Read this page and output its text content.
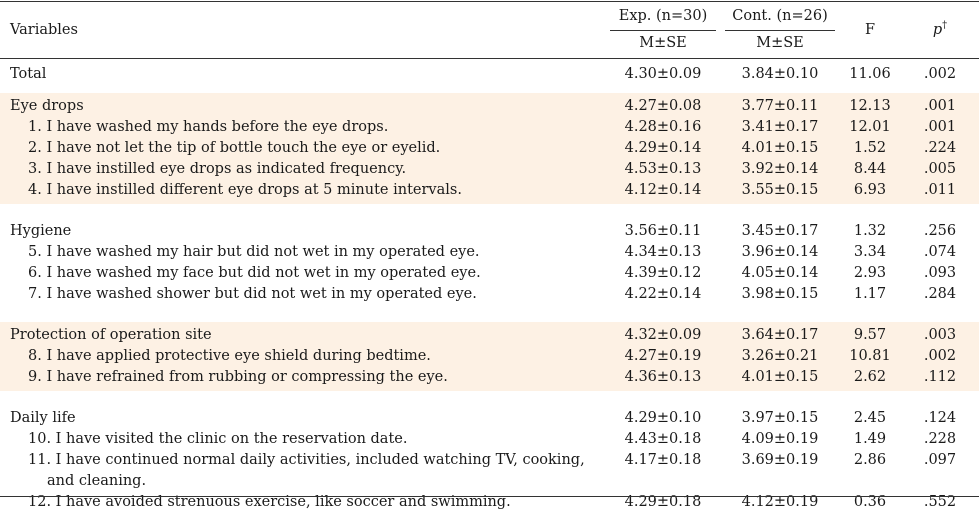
Variables
Exp. (n=30)	Cont. (n=26)
M±SE	M±SE
F	p†
Total	4.30±0.09	3.84±0.10	11.06	.002
Eye drops	4.27±0.08	3.77±0.11	12.13	.001
1. I have washed my hands before the eye drops.	4.28±0.16	3.41±0.17	12.01	.001
2. I have not let the tip of bottle touch the eye or eyelid.	4.29±0.14	4.01±0.15	1.52	.224
3. I have instilled eye drops as indicated frequency.	4.53±0.13	3.92±0.14	8.44	.005
4. I have instilled different eye drops at 5 minute intervals.	4.12±0.14	3.55±0.15	6.93	.011
Hygiene	3.56±0.11	3.45±0.17	1.32	.256
5. I have washed my hair but did not wet in my operated eye.	4.34±0.13	3.96±0.14	3.34	.074
6. I have washed my face but did not wet in my operated eye.	4.39±0.12	4.05±0.14	2.93	.093
7. I have washed shower but did not wet in my operated eye.	4.22±0.14	3.98±0.15	1.17	.284
Protection of operation site	4.32±0.09	3.64±0.17	9.57	.003
8. I have applied protective eye shield during bedtime.	4.27±0.19	3.26±0.21	10.81	.002
9. I have refrained from rubbing or compressing the eye.	4.36±0.13	4.01±0.15	2.62	.112
Daily life	4.29±0.10	3.97±0.15	2.45	.124
10. I have visited the clinic on the reservation date.	4.43±0.18	4.09±0.19	1.49	.228
11. I have continued normal daily activities, included watching TV, cooking,
and cleaning.
4.17±0.18	3.69±0.19	2.86	.097
12. I have avoided strenuous exercise, like soccer and swimming.	4.29±0.18	4.12±0.19	0.36	.552
